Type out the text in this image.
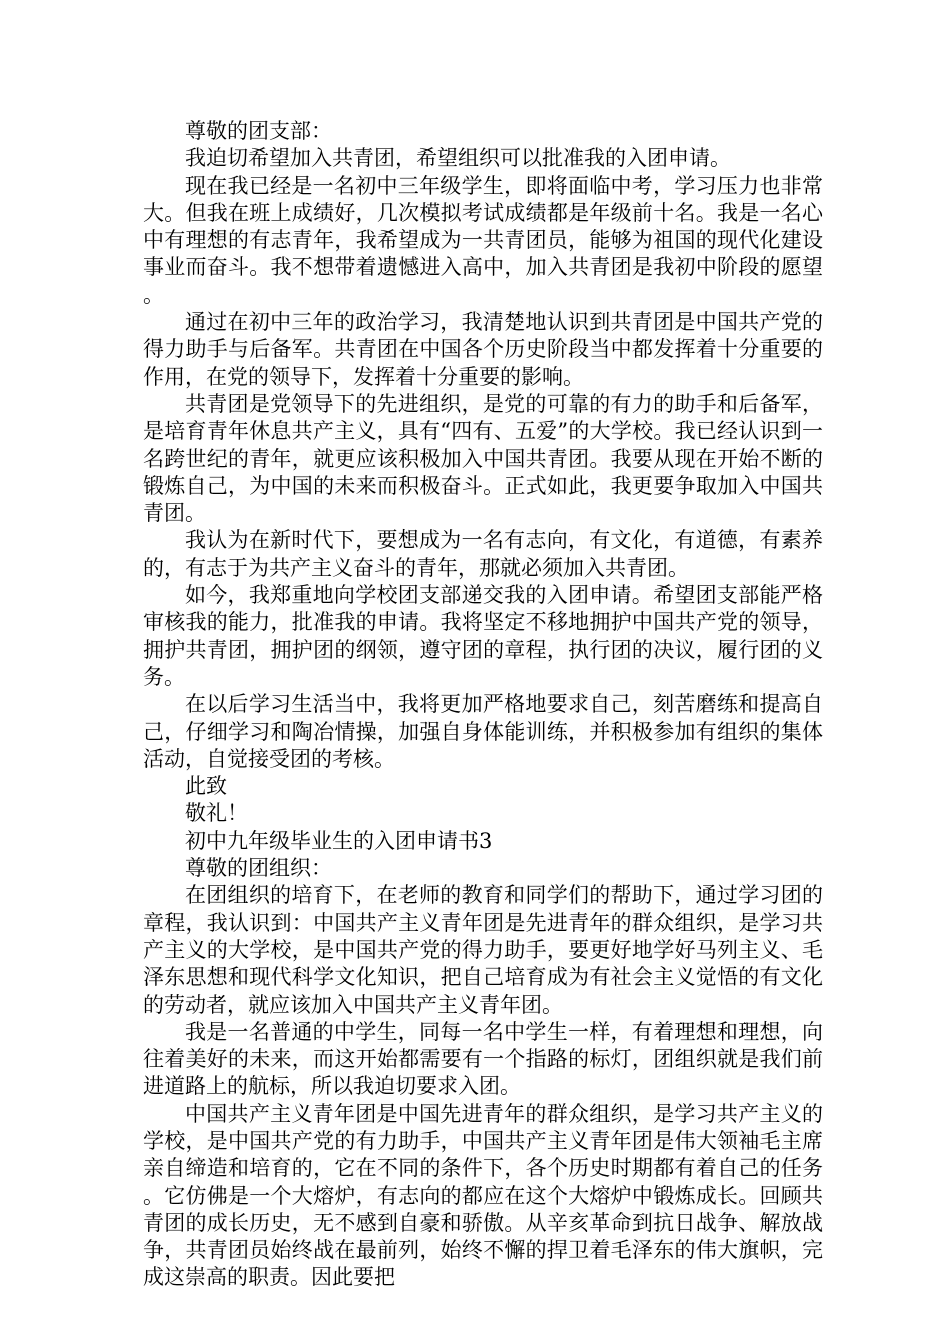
尊敬的团支部：

我迫切希望加入共青团，希望组织可以批准我的入团申请。

现在我已经是一名初中三年级学生，即将面临中考，学习压力也非常大。但我在班上成绩好，几次模拟考试成绩都是年级前十名。我是一名心中有理想的有志青年，我希望成为一共青团员，能够为祖国的现代化建设事业而奋斗。我不想带着遗憾进入高中，加入共青团是我初中阶段的愿望。

通过在初中三年的政治学习，我清楚地认识到共青团是中国共产党的得力助手与后备军。共青团在中国各个历史阶段当中都发挥着十分重要的作用，在党的领导下，发挥着十分重要的影响。

共青团是党领导下的先进组织，是党的可靠的有力的助手和后备军，是培育青年休息共产主义，具有“四有、五爱”的大学校。我已经认识到一名跨世纪的青年，就更应该积极加入中国共青团。我要从现在开始不断的锻炼自己，为中国的未来而积极奋斗。正式如此，我更要争取加入中国共青团。

我认为在新时代下，要想成为一名有志向，有文化，有道德，有素养的，有志于为共产主义奋斗的青年，那就必须加入共青团。

如今，我郑重地向学校团支部递交我的入团申请。希望团支部能严格审核我的能力，批准我的申请。我将坚定不移地拥护中国共产党的领导，拥护共青团，拥护团的纲领，遵守团的章程，执行团的决议，履行团的义务。

在以后学习生活当中，我将更加严格地要求自己，刻苦磨练和提高自己，仔细学习和陶冶情操，加强自身体能训练，并积极参加有组织的集体活动，自觉接受团的考核。

此致

敬礼！

初中九年级毕业生的入团申请书3

尊敬的团组织：

在团组织的培育下，在老师的教育和同学们的帮助下，通过学习团的章程，我认识到：中国共产主义青年团是先进青年的群众组织，是学习共产主义的大学校，是中国共产党的得力助手，要更好地学好马列主义、毛泽东思想和现代科学文化知识，把自己培育成为有社会主义觉悟的有文化的劳动者，就应该加入中国共产主义青年团。

我是一名普通的中学生，同每一名中学生一样，有着理想和理想，向往着美好的未来，而这开始都需要有一个指路的标灯，团组织就是我们前进道路上的航标，所以我迫切要求入团。

中国共产主义青年团是中国先进青年的群众组织，是学习共产主义的学校，是中国共产党的有力助手，中国共产主义青年团是伟大领袖毛主席亲自缔造和培育的，它在不同的条件下，各个历史时期都有着自己的任务。它仿佛是一个大熔炉，有志向的都应在这个大熔炉中锻炼成长。回顾共青团的成长历史，无不感到自豪和骄傲。从辛亥革命到抗日战争、解放战争，共青团员始终战在最前列，始终不懈的捍卫着毛泽东的伟大旗帜，完成这崇高的职责。因此要把
